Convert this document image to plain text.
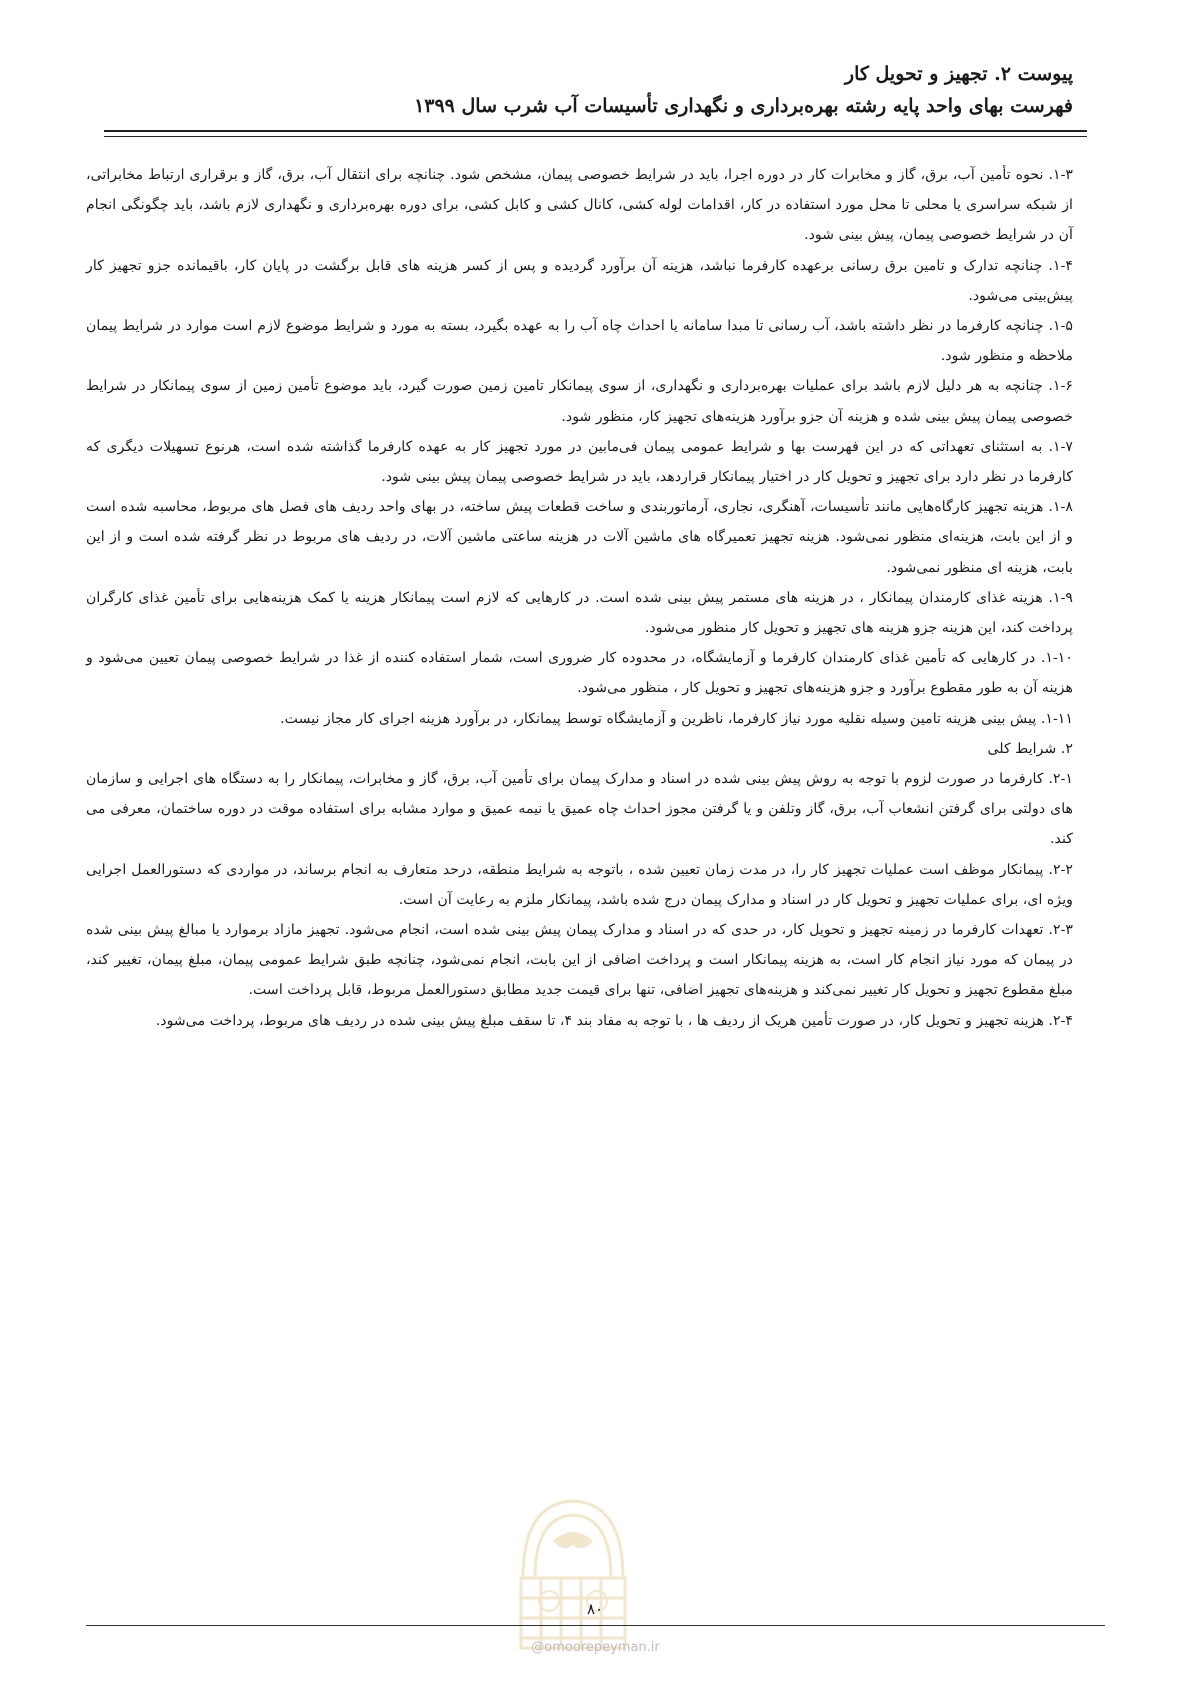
پیوست ۲. تجهیز و تحویل کار
فهرست بهای واحد پایه رشته بهره‌برداری و نگهداری تأسیسات آب شرب سال ۱۳۹۹

۱-۳. نحوه تأمین آب، برق، گاز و مخابرات کار در دوره اجرا، باید در شرایط خصوصی پیمان، مشخص شود. چنانچه برای انتقال آب، برق، گاز و برقراری ارتباط مخابراتی، از شبکه سراسری یا محلی تا محل مورد استفاده در کار، اقدامات لوله کشی، کانال کشی و کابل کشی، برای دوره بهره‌برداری و نگهداری لازم باشد، باید چگونگی انجام آن در شرایط خصوصی پیمان، پیش بینی شود.

۱-۴. چنانچه تدارک و تامین برق رسانی برعهده کارفرما نباشد، هزینه آن برآورد گردیده و پس از کسر هزینه های قابل برگشت در پایان کار، باقیمانده جزو تجهیز کار پیش‌بینی می‌شود.

۱-۵. چنانچه کارفرما در نظر داشته باشد، آب رسانی تا مبدا سامانه یا احداث چاه آب را به عهده بگیرد، بسته به مورد و شرایط موضوع لازم است موارد در شرایط پیمان ملاحظه و منظور شود.

۱-۶. چنانچه به هر دلیل لازم باشد برای عملیات بهره‌برداری و نگهداری، از سوی پیمانکار تامین زمین صورت گیرد، باید موضوع تأمین زمین از سوی پیمانکار در شرایط خصوصی پیمان پیش بینی شده و هزینه آن جزو برآورد هزینه‌های تجهیز کار، منظور شود.

۱-۷. به استثنای تعهداتی که در این فهرست بها و شرایط عمومی پیمان فی‌مابین در مورد تجهیز کار به عهده کارفرما گذاشته شده است، هرنوع تسهیلات دیگری که کارفرما در نظر دارد برای تجهیز و تحویل کار در اختیار پیمانکار قراردهد، باید در شرایط خصوصی پیمان پیش بینی شود.

۱-۸. هزینه تجهیز کارگاه‌هایی مانند تأسیسات، آهنگری، نجاری، آرماتوربندی و ساخت قطعات پیش ساخته، در بهای واحد ردیف های فصل های مربوط، محاسبه شده است و از این بابت، هزینه‌ای منظور نمی‌شود. هزینه تجهیز تعمیرگاه های ماشین آلات در هزینه ساعتی ماشین آلات، در ردیف های مربوط در نظر گرفته شده است و از این بابت، هزینه ای منظور نمی‌شود.

۱-۹. هزینه غذای کارمندان پیمانکار ، در هزینه های مستمر پیش بینی شده است. در کارهایی که لازم است پیمانکار هزینه یا کمک هزینه‌هایی برای تأمین غذای کارگران پرداخت کند، این هزینه جزو هزینه های تجهیز و تحویل کار منظور می‌شود.

۱-۱۰. در کارهایی که تأمین غذای کارمندان کارفرما و آزمایشگاه، در محدوده کار ضروری است، شمار استفاده کننده از غذا در شرایط خصوصی پیمان تعیین می‌شود و هزینه آن به طور مقطوع برآورد و جزو هزینه‌های تجهیز و تحویل کار ، منظور می‌شود.

۱-۱۱. پیش بینی هزینه تامین وسیله نقلیه مورد نیاز کارفرما، ناظرین و آزمایشگاه توسط پیمانکار، در برآورد هزینه اجرای کار مجاز نیست.

۲. شرایط کلی

۲-۱. کارفرما در صورت لزوم با توجه به روش پیش بینی شده در اسناد و مدارک پیمان برای تأمین آب، برق، گاز و مخابرات، پیمانکار را به دستگاه های اجرایی و سازمان های دولتی برای گرفتن انشعاب آب، برق، گاز وتلفن و یا گرفتن مجوز احداث چاه عمیق یا نیمه عمیق و موارد مشابه برای استفاده موقت در دوره ساختمان، معرفی می کند.

۲-۲. پیمانکار موظف است عملیات تجهیز کار را، در مدت زمان تعیین شده ، باتوجه به شرایط منطقه، درحد متعارف به انجام برساند، در مواردی که دستورالعمل اجرایی ویژه ای، برای عملیات تجهیز و تحویل کار در اسناد و مدارک پیمان درج شده باشد، پیمانکار ملزم به رعایت آن است.

۲-۳. تعهدات کارفرما در زمینه تجهیز و تحویل کار، در حدی که در اسناد و مدارک پیمان پیش بینی شده است، انجام می‌شود. تجهیز مازاد برموارد یا مبالغ پیش بینی شده در پیمان که مورد نیاز انجام کار است، به هزینه پیمانکار است و پرداخت اضافی از این بابت، انجام نمی‌شود، چنانچه طبق شرایط عمومی پیمان، مبلغ پیمان، تغییر کند، مبلغ مقطوع تجهیز و تحویل کار تغییر نمی‌کند و هزینه‌های تجهیز اضافی، تنها برای قیمت جدید مطابق دستورالعمل مربوط، قابل پرداخت است.

۲-۴. هزینه تجهیز و تحویل کار، در صورت تأمین هریک از ردیف ها ، با توجه به مفاد بند ۴، تا سقف مبلغ پیش بینی شده در ردیف های مربوط، پرداخت می‌شود.

۸۰
@omoorepeyman.ir
